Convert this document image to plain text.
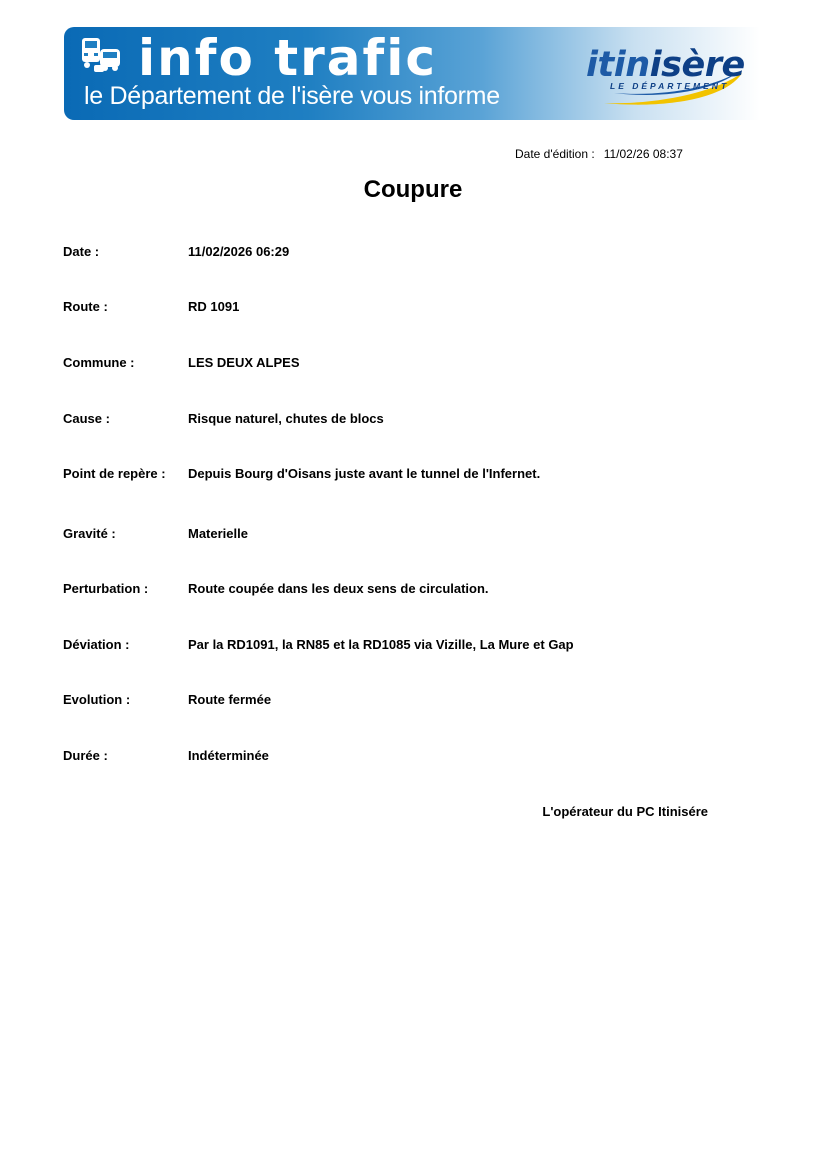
info trafic
le Département de l'isère vous informe
itinisère
LE DÉPARTEMENT
Date d'édition : 11/02/26 08:37
Coupure
Date :	11/02/2026 06:29
Route :	RD 1091
Commune :	LES DEUX ALPES
Cause :	Risque naturel, chutes de blocs
Point de repère : Depuis Bourg d'Oisans juste avant le tunnel de l'Infernet.
Gravité :	Materielle
Perturbation :	Route coupée dans les deux sens de circulation.
Déviation :	Par la RD1091, la RN85 et la RD1085 via Vizille, La Mure et Gap
Evolution :	Route fermée
Durée :	Indéterminée
L'opérateur du PC Itinisére
